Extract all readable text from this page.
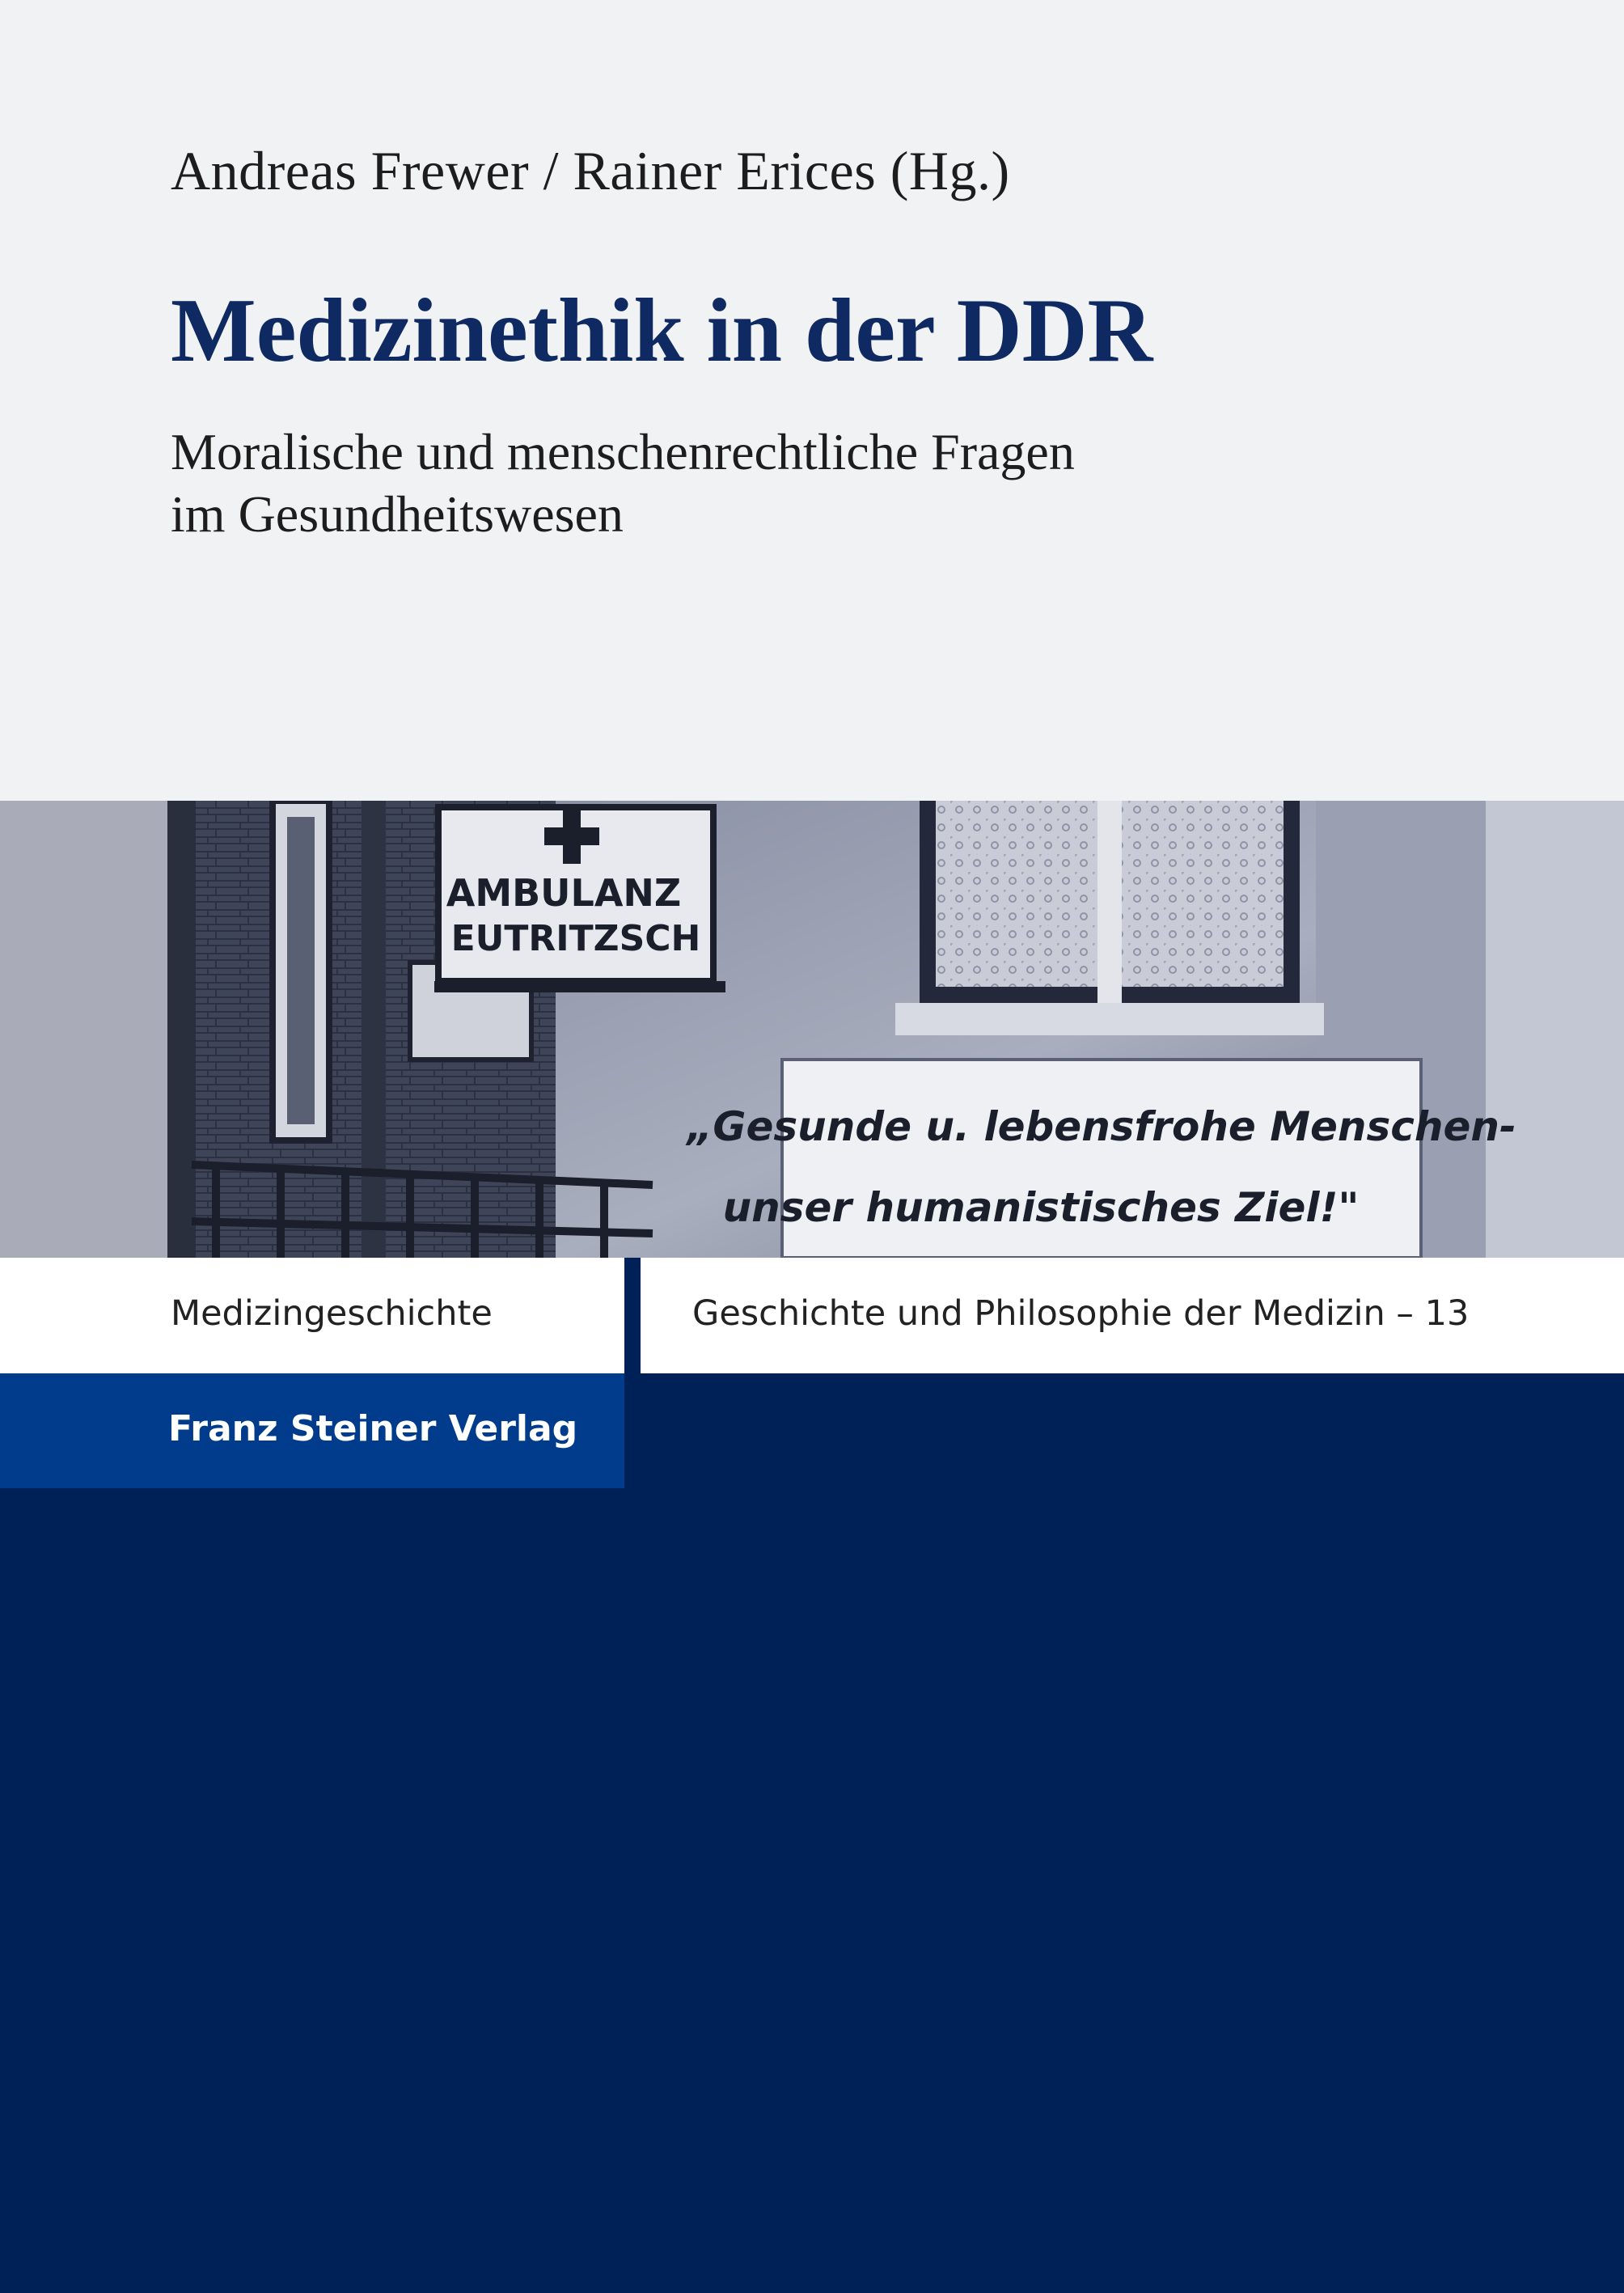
Andreas Frewer / Rainer Erices (Hg.)
Medizinethik in der DDR
Moralische und menschenrechtliche Fragen
im Gesundheitswesen
AMBULANZ
EUTRITZSCH
„Gesunde u. lebensfrohe Menschen-
unser humanistisches Ziel!"
Medizingeschichte	Geschichte und Philosophie der Medizin – 13
Franz Steiner Verlag
